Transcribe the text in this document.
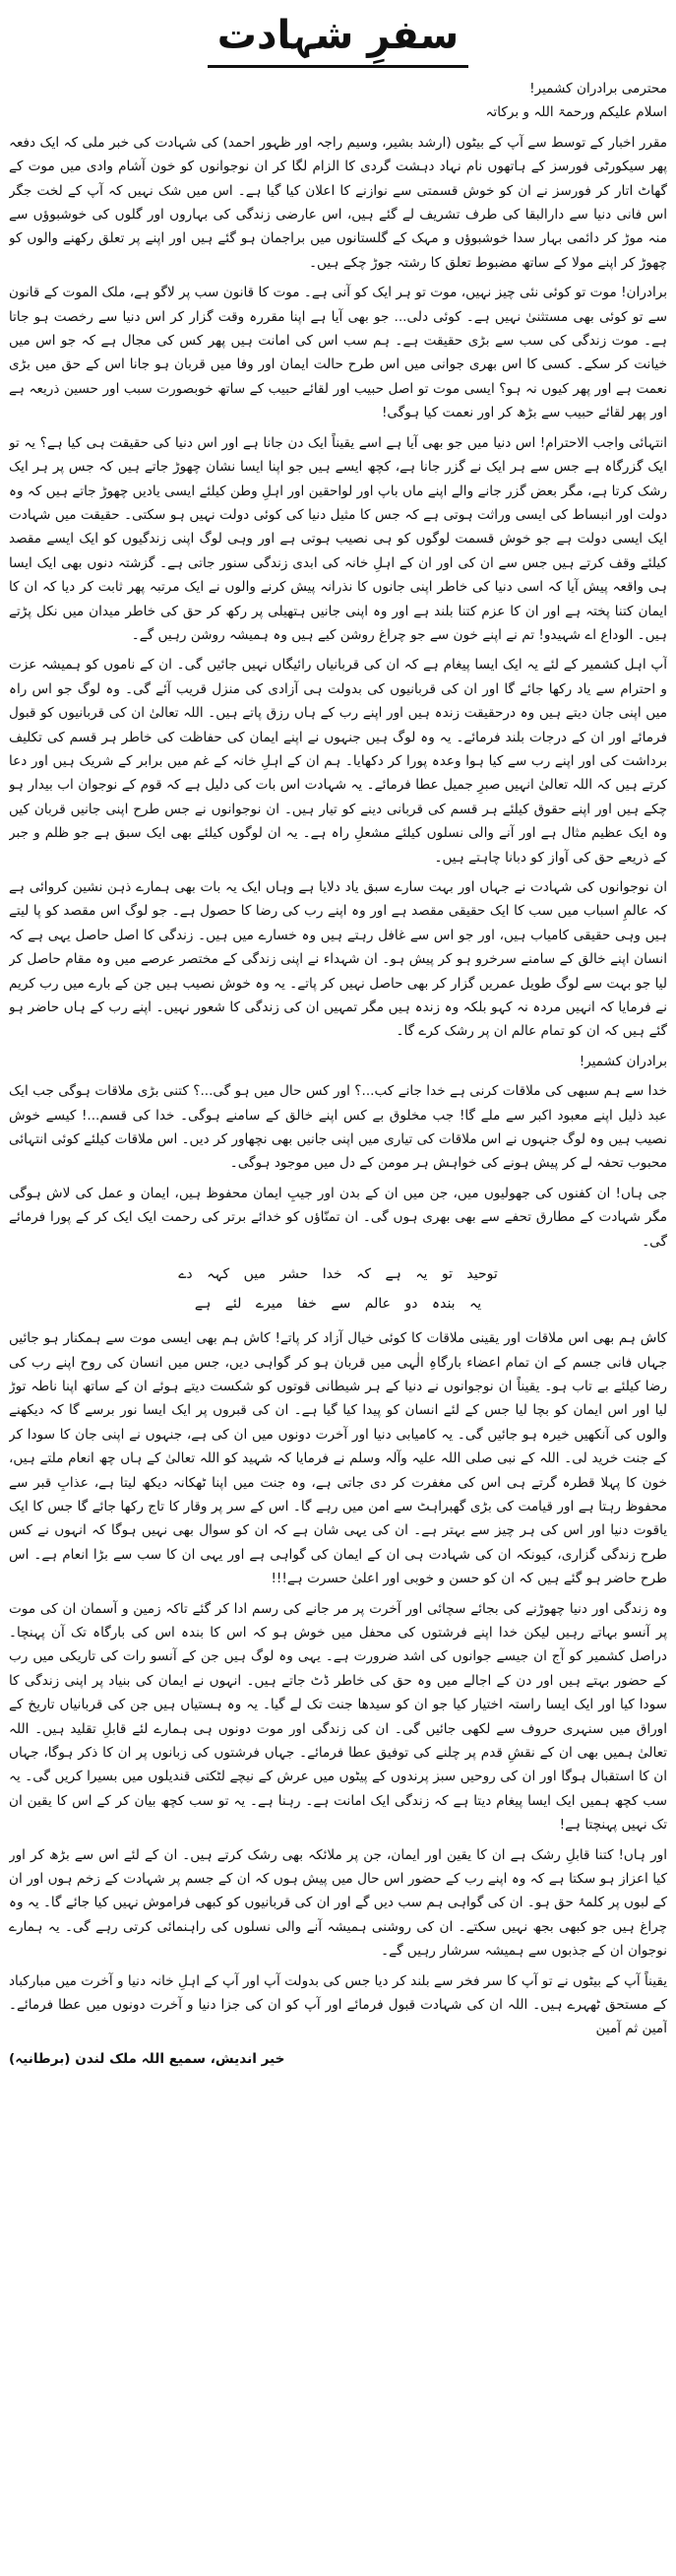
سفرِ شہادت

محترمی برادران کشمیر!

اسلام علیکم ورحمۃ اللہ و برکاتہ

مقرر اخبار کے توسط سے آپ کے بیٹوں (ارشد بشیر، وسیم راجہ اور ظہور احمد) کی شہادت کی خبر ملی کہ ایک دفعہ پھر سیکورٹی فورسز کے ہاتھوں نام نہاد دہشت گردی کا الزام لگا کر ان نوجوانوں کو خون آشام وادی میں موت کے گھاٹ اتار کر فورسز نے ان کو خوش قسمتی سے نوازنے کا اعلان کیا گیا ہے۔ اس میں شک نہیں کہ آپ کے لخت جگر اس فانی دنیا سے دارالبقا کی طرف تشریف لے گئے ہیں، اس عارضی زندگی کی بہاروں اور گلوں کی خوشبوؤں سے منہ موڑ کر دائمی بہار سدا خوشبوؤں و مہک کے گلستانوں میں براجمان ہو گئے ہیں اور اپنے پر تعلق رکھنے والوں کو چھوڑ کر اپنے مولا کے ساتھ مضبوط تعلق کا رشتہ جوڑ چکے ہیں۔

برادران! موت تو کوئی نئی چیز نہیں، موت تو ہر ایک کو آنی ہے۔ موت کا قانون سب پر لاگو ہے، ملک الموت کے قانون سے تو کوئی بھی مستثنیٰ نہیں ہے۔ کوئی دلی... جو بھی آیا ہے اپنا مقررہ وقت گزار کر اس دنیا سے رخصت ہو جاتا ہے۔ موت زندگی کی سب سے بڑی حقیقت ہے۔ ہم سب اس کی امانت ہیں پھر کس کی مجال ہے کہ جو اس میں خیانت کر سکے۔ کسی کا اس بھری جوانی میں اس طرح حالت ایمان اور وفا میں قربان ہو جانا اس کے حق میں بڑی نعمت ہے اور پھر کیوں نہ ہو؟ ایسی موت تو اصل حبیب اور لقائے حبیب کے ساتھ خوبصورت سبب اور حسین ذریعہ ہے اور پھر لقائے حبیب سے بڑھ کر اور نعمت کیا ہوگی!

انتہائی واجب الاحترام! اس دنیا میں جو بھی آیا ہے اسے یقیناً ایک دن جانا ہے اور اس دنیا کی حقیقت ہی کیا ہے؟ یہ تو ایک گزرگاہ ہے جس سے ہر ایک نے گزر جانا ہے، کچھ ایسے ہیں جو اپنا ایسا نشان چھوڑ جاتے ہیں کہ جس پر ہر ایک رشک کرتا ہے، مگر بعض گزر جانے والے اپنے ماں باپ اور لواحقین اور اہلِ وطن کیلئے ایسی یادیں چھوڑ جاتے ہیں کہ وہ دولت اور انبساط کی ایسی وراثت ہوتی ہے کہ جس کا مثیل دنیا کی کوئی دولت نہیں ہو سکتی۔ حقیقت میں شہادت ایک ایسی دولت ہے جو خوش قسمت لوگوں کو ہی نصیب ہوتی ہے اور وہی لوگ اپنی زندگیوں کو ایک ایسے مقصد کیلئے وقف کرتے ہیں جس سے ان کی اور ان کے اہلِ خانہ کی ابدی زندگی سنور جاتی ہے۔ گزشتہ دنوں بھی ایک ایسا ہی واقعہ پیش آیا کہ اسی دنیا کی خاطر اپنی جانوں کا نذرانہ پیش کرنے والوں نے ایک مرتبہ پھر ثابت کر دیا کہ ان کا ایمان کتنا پختہ ہے اور ان کا عزم کتنا بلند ہے اور وہ اپنی جانیں ہتھیلی پر رکھ کر حق کی خاطر میدان میں نکل پڑتے ہیں۔ الوداع اے شہیدو! تم نے اپنے خون سے جو چراغ روشن کیے ہیں وہ ہمیشہ روشن رہیں گے۔

آپ اہل کشمیر کے لئے یہ ایک ایسا پیغام ہے کہ ان کی قربانیاں رائیگاں نہیں جائیں گی۔ ان کے ناموں کو ہمیشہ عزت و احترام سے یاد رکھا جائے گا اور ان کی قربانیوں کی بدولت ہی آزادی کی منزل قریب آئے گی۔ وہ لوگ جو اس راہ میں اپنی جان دیتے ہیں وہ درحقیقت زندہ ہیں اور اپنے رب کے ہاں رزق پاتے ہیں۔ اللہ تعالیٰ ان کی قربانیوں کو قبول فرمائے اور ان کے درجات بلند فرمائے۔ یہ وہ لوگ ہیں جنہوں نے اپنے ایمان کی حفاظت کی خاطر ہر قسم کی تکلیف برداشت کی اور اپنے رب سے کیا ہوا وعدہ پورا کر دکھایا۔ ہم ان کے اہلِ خانہ کے غم میں برابر کے شریک ہیں اور دعا کرتے ہیں کہ اللہ تعالیٰ انہیں صبرِ جمیل عطا فرمائے۔ یہ شہادت اس بات کی دلیل ہے کہ قوم کے نوجوان اب بیدار ہو چکے ہیں اور اپنے حقوق کیلئے ہر قسم کی قربانی دینے کو تیار ہیں۔ ان نوجوانوں نے جس طرح اپنی جانیں قربان کیں وہ ایک عظیم مثال ہے اور آنے والی نسلوں کیلئے مشعلِ راہ ہے۔ یہ ان لوگوں کیلئے بھی ایک سبق ہے جو ظلم و جبر کے ذریعے حق کی آواز کو دبانا چاہتے ہیں۔

ان نوجوانوں کی شہادت نے جہاں اور بہت سارے سبق یاد دلایا ہے وہاں ایک یہ بات بھی ہمارے ذہن نشین کروائی ہے کہ عالمِ اسباب میں سب کا ایک حقیقی مقصد ہے اور وہ اپنے رب کی رضا کا حصول ہے۔ جو لوگ اس مقصد کو پا لیتے ہیں وہی حقیقی کامیاب ہیں، اور جو اس سے غافل رہتے ہیں وہ خسارے میں ہیں۔ زندگی کا اصل حاصل یہی ہے کہ انسان اپنے خالق کے سامنے سرخرو ہو کر پیش ہو۔ ان شہداء نے اپنی زندگی کے مختصر عرصے میں وہ مقام حاصل کر لیا جو بہت سے لوگ طویل عمریں گزار کر بھی حاصل نہیں کر پاتے۔ یہ وہ خوش نصیب ہیں جن کے بارے میں رب کریم نے فرمایا کہ انہیں مردہ نہ کہو بلکہ وہ زندہ ہیں مگر تمہیں ان کی زندگی کا شعور نہیں۔ اپنے رب کے ہاں حاضر ہو گئے ہیں کہ ان کو تمام عالم ان پر رشک کرے گا۔

برادران کشمیر!

خدا سے ہم سبھی کی ملاقات کرنی ہے خدا جانے کب...؟ اور کس حال میں ہو گی...؟ کتنی بڑی ملاقات ہوگی جب ایک عبد ذلیل اپنے معبود اکبر سے ملے گا! جب مخلوق بے کس اپنے خالق کے سامنے ہوگی۔ خدا کی قسم...! کیسے خوش نصیب ہیں وہ لوگ جنہوں نے اس ملاقات کی تیاری میں اپنی جانیں بھی نچھاور کر دیں۔ اس ملاقات کیلئے کوئی انتہائی محبوب تحفہ لے کر پیش ہونے کی خواہش ہر مومن کے دل میں موجود ہوگی۔

جی ہاں! ان کفنوں کی جھولیوں میں، جن میں ان کے بدن اور جیبِ ایمان محفوظ ہیں، ایمان و عمل کی لاش ہوگی مگر شہادت کے مطارق تحفے سے بھی بھری ہوں گی۔ ان تمنّاؤں کو خدائے برتر کی رحمت ایک ایک کر کے پورا فرمائے گی۔

توحید تو یہ ہے کہ خدا حشر میں کہہ دے
یہ بندہ دو عالم سے خفا میرے لئے ہے

کاش ہم بھی اس ملاقات اور یقینی ملاقات کا کوئی خیال آزاد کر پاتے! کاش ہم بھی ایسی موت سے ہمکنار ہو جائیں جہاں فانی جسم کے ان تمام اعضاء بارگاہِ الٰہی میں قربان ہو کر گواہی دیں، جس میں انسان کی روح اپنے رب کی رضا کیلئے بے تاب ہو۔ یقیناً ان نوجوانوں نے دنیا کے ہر شیطانی قوتوں کو شکست دیتے ہوئے ان کے ساتھ اپنا ناطہ توڑ لیا اور اس ایمان کو بچا لیا جس کے لئے انسان کو پیدا کیا گیا ہے۔ ان کی قبروں پر ایک ایسا نور برسے گا کہ دیکھنے والوں کی آنکھیں خیرہ ہو جائیں گی۔ یہ کامیابی دنیا اور آخرت دونوں میں ان کی ہے، جنہوں نے اپنی جان کا سودا کر کے جنت خرید لی۔ اللہ کے نبی صلی اللہ علیہ وآلہ وسلم نے فرمایا کہ شہید کو اللہ تعالیٰ کے ہاں چھ انعام ملتے ہیں، خون کا پہلا قطرہ گرتے ہی اس کی مغفرت کر دی جاتی ہے، وہ جنت میں اپنا ٹھکانہ دیکھ لیتا ہے، عذابِ قبر سے محفوظ رہتا ہے اور قیامت کی بڑی گھبراہٹ سے امن میں رہے گا۔ اس کے سر پر وقار کا تاج رکھا جائے گا جس کا ایک یاقوت دنیا اور اس کی ہر چیز سے بہتر ہے۔ ان کی یہی شان ہے کہ ان کو سوال بھی نہیں ہوگا کہ انہوں نے کس طرح زندگی گزاری، کیونکہ ان کی شہادت ہی ان کے ایمان کی گواہی ہے اور یہی ان کا سب سے بڑا انعام ہے۔ اس طرح حاضر ہو گئے ہیں کہ ان کو حسن و خوبی اور اعلیٰ حسرت ہے!!!

وہ زندگی اور دنیا چھوڑنے کی بجائے سچائی اور آخرت پر مر جانے کی رسم ادا کر گئے تاکہ زمین و آسمان ان کی موت پر آنسو بہاتے رہیں لیکن خدا اپنے فرشتوں کی محفل میں خوش ہو کہ اس کا بندہ اس کی بارگاہ تک آن پہنچا۔ دراصل کشمیر کو آج ان جیسے جوانوں کی اشد ضرورت ہے۔ یہی وہ لوگ ہیں جن کے آنسو رات کی تاریکی میں رب کے حضور بہتے ہیں اور دن کے اجالے میں وہ حق کی خاطر ڈٹ جاتے ہیں۔ انہوں نے ایمان کی بنیاد پر اپنی زندگی کا سودا کیا اور ایک ایسا راستہ اختیار کیا جو ان کو سیدھا جنت تک لے گیا۔ یہ وہ ہستیاں ہیں جن کی قربانیاں تاریخ کے اوراق میں سنہری حروف سے لکھی جائیں گی۔ ان کی زندگی اور موت دونوں ہی ہمارے لئے قابلِ تقلید ہیں۔ اللہ تعالیٰ ہمیں بھی ان کے نقشِ قدم پر چلنے کی توفیق عطا فرمائے۔ جہاں فرشتوں کی زبانوں پر ان کا ذکر ہوگا، جہاں ان کا استقبال ہوگا اور ان کی روحیں سبز پرندوں کے پیٹوں میں عرش کے نیچے لٹکتی قندیلوں میں بسیرا کریں گی۔ یہ سب کچھ ہمیں ایک ایسا پیغام دیتا ہے کہ زندگی ایک امانت ہے۔ رہنا ہے۔ یہ تو سب کچھ بیان کر کے اس کا یقین ان تک نہیں پہنچتا ہے!

اور ہاں! کتنا قابلِ رشک ہے ان کا یقین اور ایمان، جن پر ملائکہ بھی رشک کرتے ہیں۔ ان کے لئے اس سے بڑھ کر اور کیا اعزاز ہو سکتا ہے کہ وہ اپنے رب کے حضور اس حال میں پیش ہوں کہ ان کے جسم پر شہادت کے زخم ہوں اور ان کے لبوں پر کلمۂ حق ہو۔ ان کی گواہی ہم سب دیں گے اور ان کی قربانیوں کو کبھی فراموش نہیں کیا جائے گا۔ یہ وہ چراغ ہیں جو کبھی بجھ نہیں سکتے۔ ان کی روشنی ہمیشہ آنے والی نسلوں کی راہنمائی کرتی رہے گی۔ یہ ہمارے نوجوان ان کے جذبوں سے ہمیشہ سرشار رہیں گے۔

یقیناً آپ کے بیٹوں نے تو آپ کا سر فخر سے بلند کر دیا جس کی بدولت آپ اور آپ کے اہلِ خانہ دنیا و آخرت میں مبارکباد کے مستحق ٹھہرے ہیں۔ اللہ ان کی شہادت قبول فرمائے اور آپ کو ان کی جزا دنیا و آخرت دونوں میں عطا فرمائے۔ آمین ثم آمین

خیر اندیش، سمیع اللہ ملک لندن (برطانیہ)
